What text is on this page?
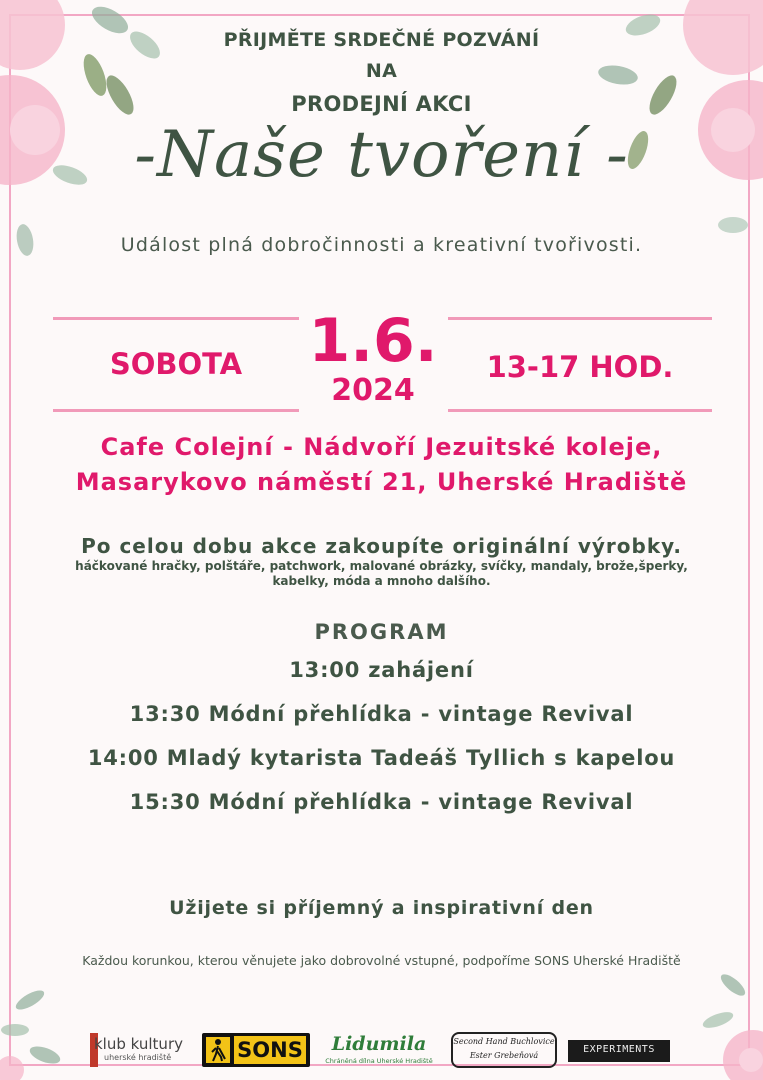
PŘIJMĚTE SRDEČNÉ POZVÁNÍ
NA
PRODEJNÍ AKCI
-Naše tvoření -
Událost plná dobročinnosti a kreativní tvořivosti.
SOBOTA	1.6.
2024
13-17 HOD.
Cafe Colejní - Nádvoří Jezuitské koleje,
Masarykovo náměstí 21, Uherské Hradiště
Po celou dobu akce zakoupíte originální výrobky.
háčkované hračky, polštáře, patchwork, malované obrázky, svíčky, mandaly, brože,šperky,
kabelky, móda a mnoho dalšího.
PROGRAM
13:00 zahájení
13:30 Módní přehlídka - vintage Revival
14:00 Mladý kytarista Tadeáš Tyllich s kapelou
15:30 Módní přehlídka - vintage Revival
Užijete si příjemný a inspirativní den
Každou korunkou, kterou věnujete jako dobrovolné vstupné, podpoříme SONS Uherské Hradiště
klub kultury
uherské hradiště	SONS	Lidumila
Chráněná dílna Uherské Hradiště
Second Hand Buchlovice
Ester Grebeňová
EXPERIMENTS
